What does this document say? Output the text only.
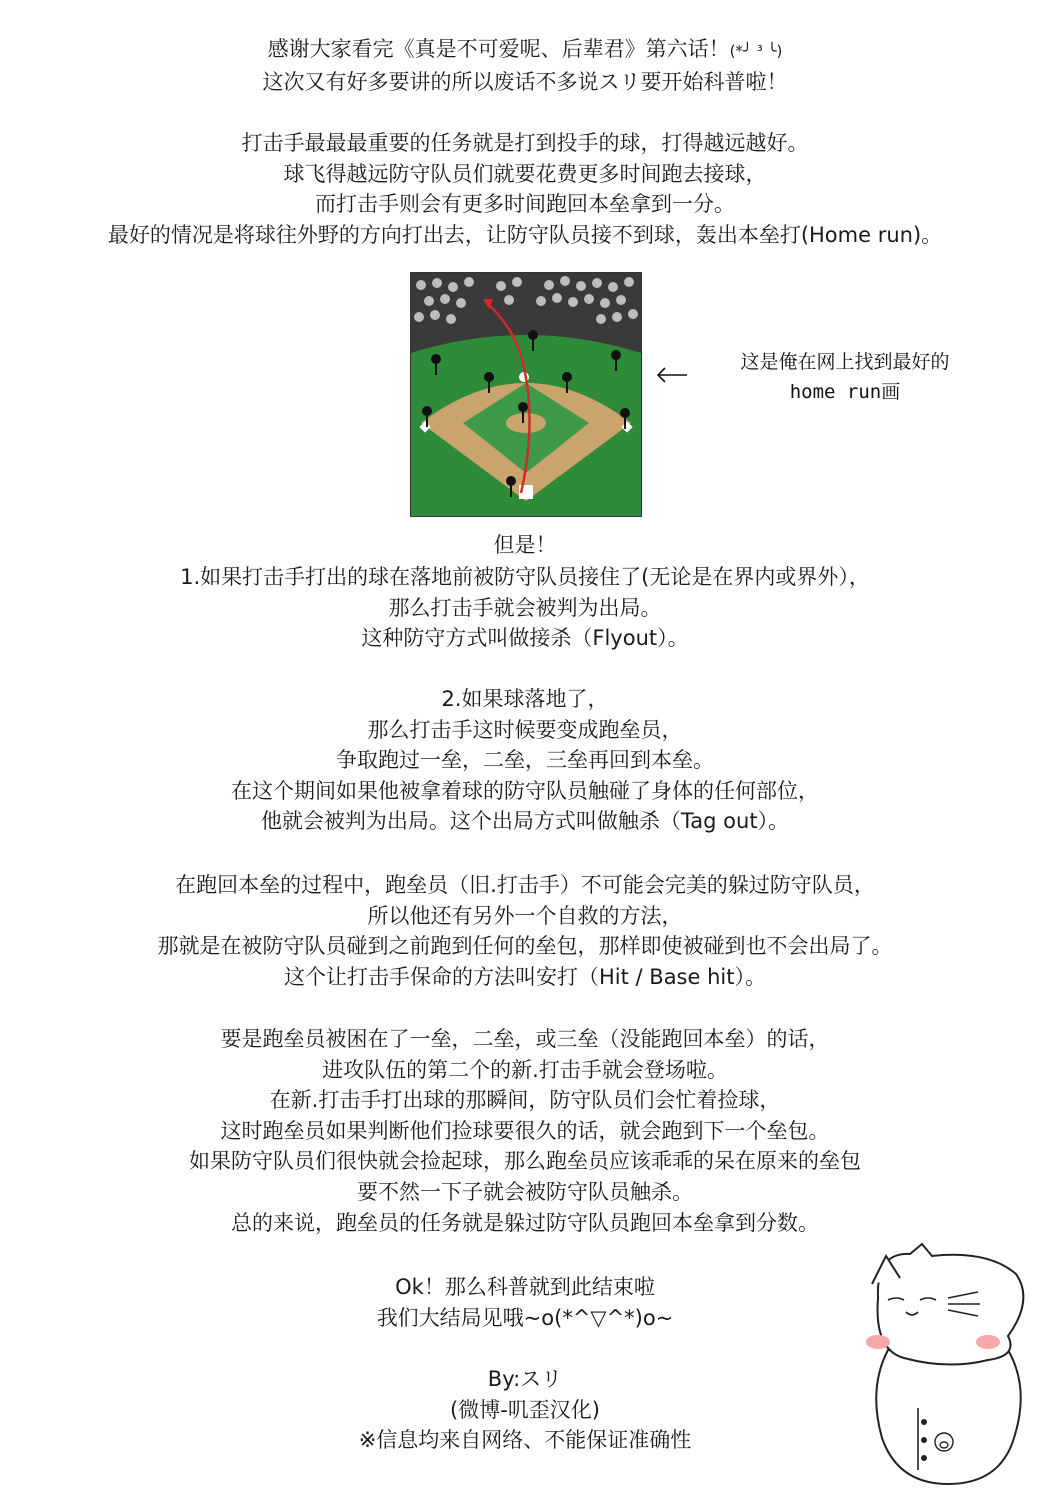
感谢大家看完《真是不可爱呢、后辈君》第六话！(*╯ ³ ╰)
这次又有好多要讲的所以废话不多说スリ要开始科普啦！
打击手最最最重要的任务就是打到投手的球，打得越远越好。
球飞得越远防守队员们就要花费更多时间跑去接球，
而打击手则会有更多时间跑回本垒拿到一分。
最好的情况是将球往外野的方向打出去，让防守队员接不到球，轰出本垒打(Home run)。
这是俺在网上找到最好的
home run画
但是！
1.如果打击手打出的球在落地前被防守队员接住了(无论是在界内或界外），
那么打击手就会被判为出局。
这种防守方式叫做接杀（Flyout）。
2.如果球落地了，
那么打击手这时候要变成跑垒员，
争取跑过一垒，二垒，三垒再回到本垒。
在这个期间如果他被拿着球的防守队员触碰了身体的任何部位，
他就会被判为出局。这个出局方式叫做触杀（Tag out）。
在跑回本垒的过程中，跑垒员（旧.打击手）不可能会完美的躲过防守队员，
所以他还有另外一个自救的方法，
那就是在被防守队员碰到之前跑到任何的垒包，那样即使被碰到也不会出局了。
这个让打击手保命的方法叫安打（Hit / Base hit）。
要是跑垒员被困在了一垒，二垒，或三垒（没能跑回本垒）的话，
进攻队伍的第二个的新.打击手就会登场啦。
在新.打击手打出球的那瞬间，防守队员们会忙着捡球，
这时跑垒员如果判断他们捡球要很久的话，就会跑到下一个垒包。
如果防守队员们很快就会捡起球，那么跑垒员应该乖乖的呆在原来的垒包
要不然一下子就会被防守队员触杀。
总的来说，跑垒员的任务就是躲过防守队员跑回本垒拿到分数。
Ok！那么科普就到此结束啦
我们大结局见哦~o(*^▽^*)o~
By:スリ
(微博-叽歪汉化)
※信息均来自网络、不能保证准确性
